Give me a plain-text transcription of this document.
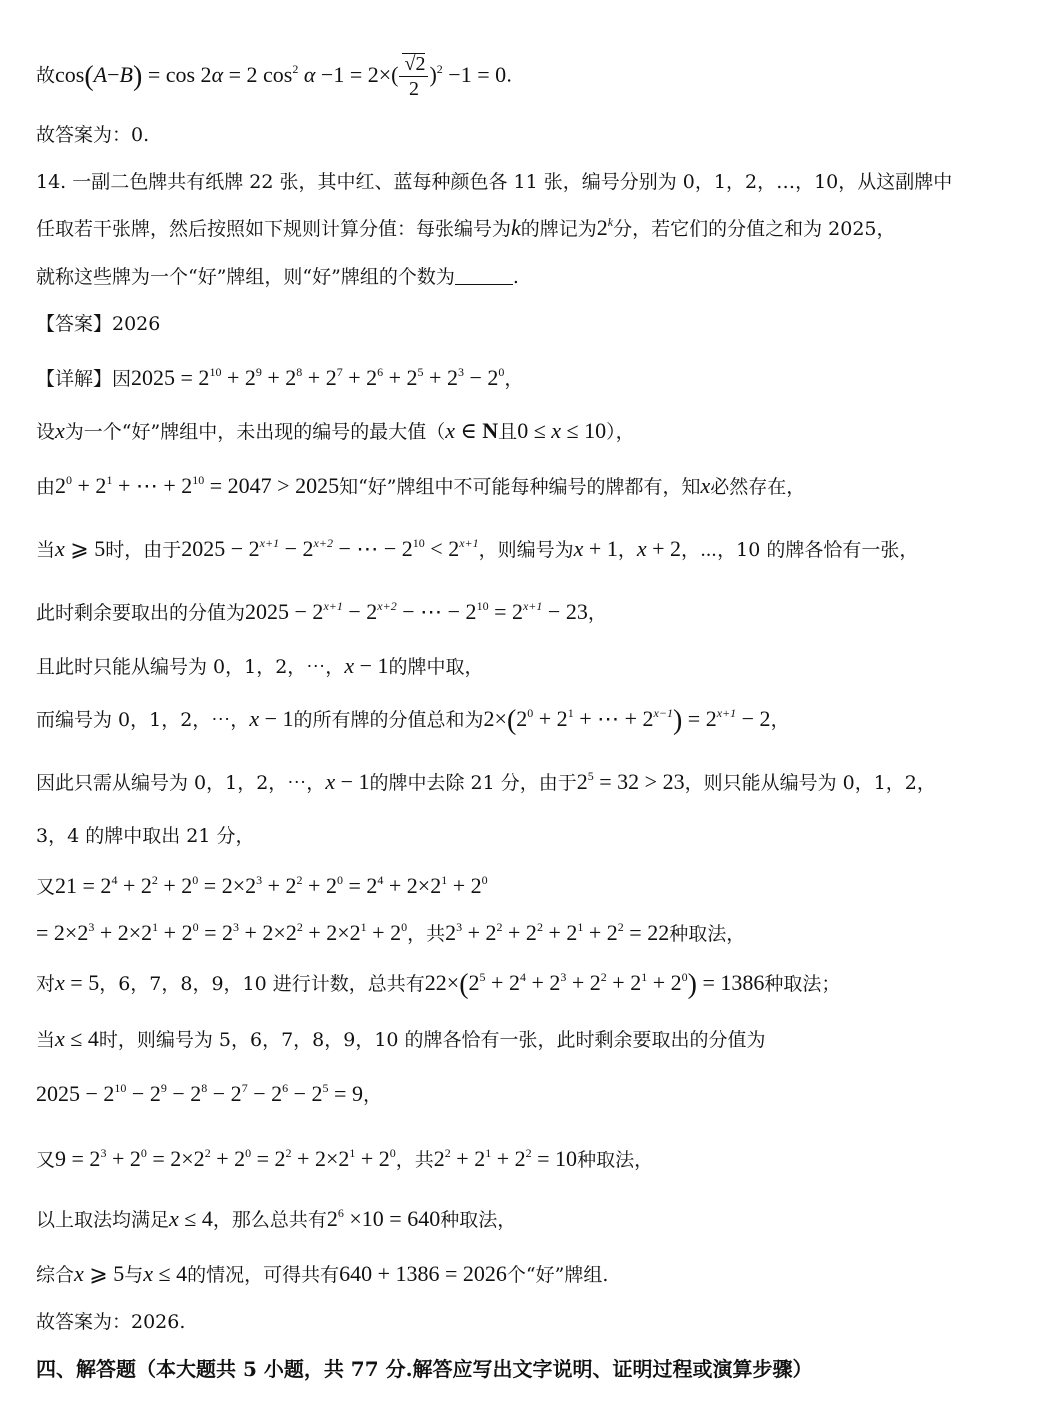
故cos(A−B) = cos 2α = 2 $\cos^2 \alpha -1 = 2\times( \frac{√2}{2} )^2 -1 = 0$.
故答案为：0.
14. 一副二色牌共有纸牌 22 张，其中红、蓝每种颜色各 11 张，编号分别为 0，1，2，…，10，从这副牌中
任取若干张牌，然后按照如下规则计算分值：每张编号为k的牌记为2$^k$分，若它们的分值之和为 2025，
就称这些牌为一个“好”牌组，则“好”牌组的个数为	.
【答案】2026
【详解】因$2025 = 2^{10} + 2^9 + 2^8 + 2^7 + 2^6 + 2^5 + 2^3 - 2^0$，
设x为一个“好”牌组中，未出现的编号的最大值（x ∈ N且0 ≤ x ≤ 10），
由$2^0 + 2^1$ + ⋯ + $2^{10} = 2047 > 2025$知“好”牌组中不可能每种编号的牌都有，知x必然存在，
当x ⩾ 5时，由于$2025 - 2^{x+1} - 2^{x+2}$ − ⋯ − $2^{10} < 2^{x+1}$，则编号为x + 1，x + 2，⋯，10 的牌各恰有一张，
此时剩余要取出的分值为$2025 - 2^{x+1} - 2^{x+2}$ − ⋯ − $2^{10} = 2^{x+1} - 23$，
且此时只能从编号为 0，1，2，⋯，x − 1的牌中取，
而编号为 0，1，2，⋯，x − 1的所有牌的分值总和为$2\times(2^0 + 2^1$ + ⋯ + $2^{x-1}) = 2^{x+1} - 2$，
因此只需从编号为 0，1，2，⋯，x − 1的牌中去除 21 分，由于$2^5 = 32 > 23$，则只能从编号为 0，1，2，
3，4 的牌中取出 21 分，
又$21 = 2^4 + 2^2 + 2^0 = 2\times 2^3 + 2^2 + 2^0 = 2^4 + 2\times 2^1 + 2^0$
= $2\times 2^3 + 2\times 2^1 + 2^0 = 2^3 + 2\times 2^2 + 2\times 2^1 + 2^0$，共$2^3 + 2^2 + 2^2 + 2^1 + 2^2 = 22$种取法，
对x = 5，6，7，8，9，10 进行计数，总共有$22\times(2^5 + 2^4 + 2^3 + 2^2 + 2^1 + 2^0) = 1386$种取法；
当x ≤ 4时，则编号为 5，6，7，8，9，10 的牌各恰有一张，此时剩余要取出的分值为
$2025 - 2^{10} - 2^9 - 2^8 - 2^7 - 2^6 - 2^5 = 9$，
又$9 = 2^3 + 2^0 = 2\times 2^2 + 2^0 = 2^2 + 2\times 2^1 + 2^0$，共$2^2 + 2^1 + 2^2 = 10$种取法，
以上取法均满足x ≤ 4，那么总共有$2^6 \times 10 = 640$种取法，
综合x ⩾ 5与x ≤ 4的情况，可得共有640 + 1386 = 2026个“好”牌组.
故答案为：2026.
四、解答题（本大题共 5 小题，共 77 分.解答应写出文字说明、证明过程或演算步骤）
